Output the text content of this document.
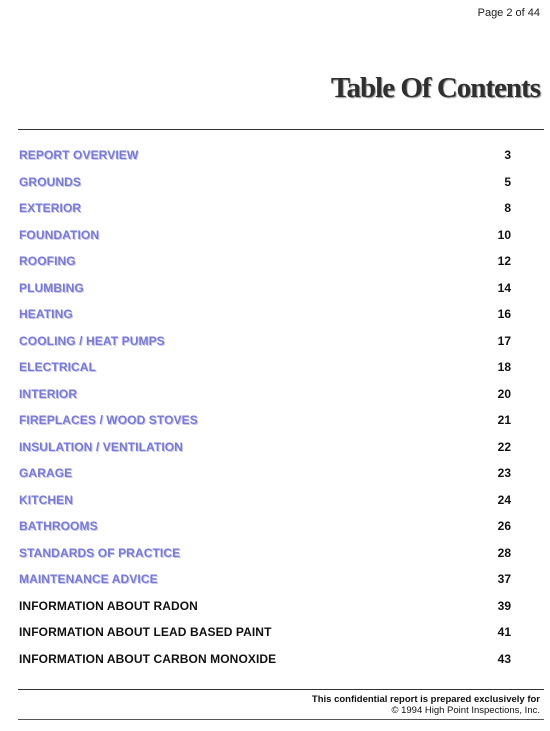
Page 2 of 44
Table Of Contents
REPORT OVERVIEW	3
GROUNDS	5
EXTERIOR	8
FOUNDATION	10
ROOFING	12
PLUMBING	14
HEATING	16
COOLING / HEAT PUMPS	17
ELECTRICAL	18
INTERIOR	20
FIREPLACES / WOOD STOVES	21
INSULATION / VENTILATION	22
GARAGE	23
KITCHEN	24
BATHROOMS	26
STANDARDS OF PRACTICE	28
MAINTENANCE ADVICE	37
INFORMATION ABOUT RADON	39
INFORMATION ABOUT LEAD BASED PAINT	41
INFORMATION ABOUT CARBON MONOXIDE	43
This confidential report is prepared exclusively for
© 1994 High Point Inspections, Inc.
